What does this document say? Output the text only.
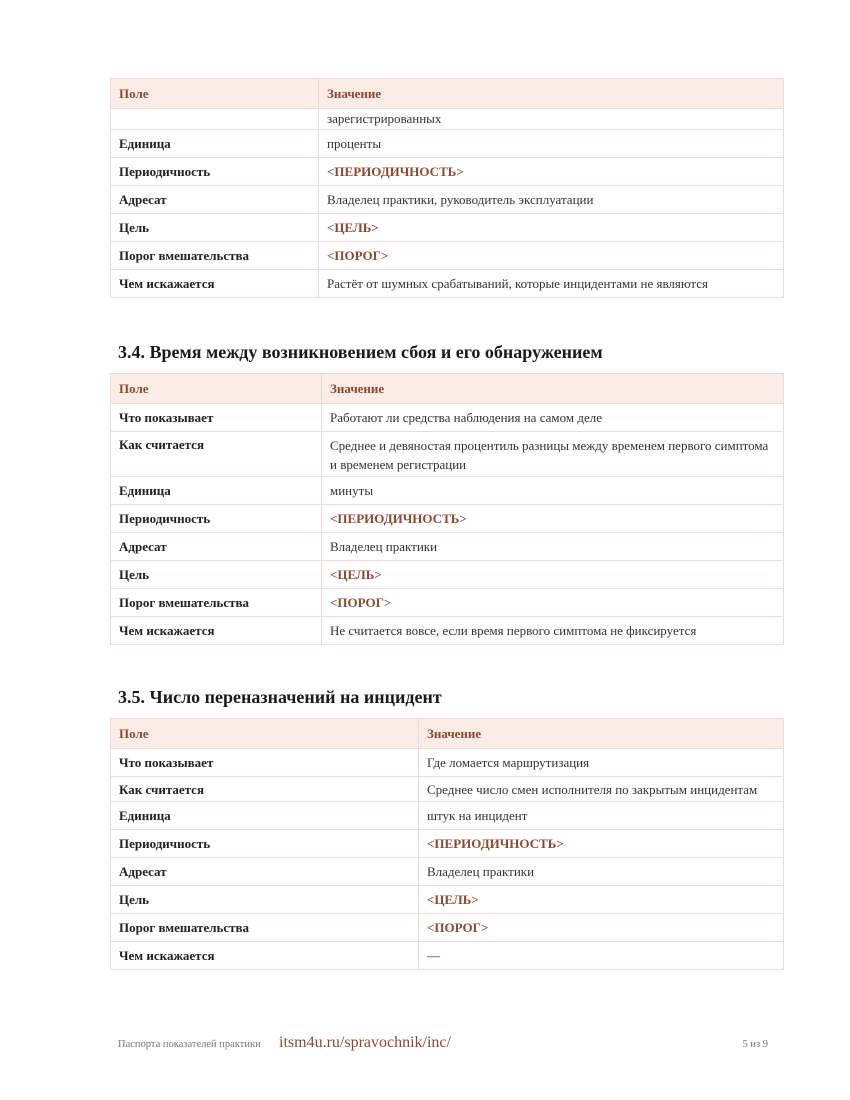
Поле	Значение
	зарегистрированных
Единица	проценты
Периодичность	<ПЕРИОДИЧНОСТЬ>
Адресат	Владелец практики, руководитель эксплуатации
Цель	<ЦЕЛЬ>
Порог вмешательства	<ПОРОГ>
Чем искажается	Растёт от шумных срабатываний, которые инцидентами не являются
3.4. Время между возникновением сбоя и его обнаружением
Поле	Значение
Что показывает	Работают ли средства наблюдения на самом деле
Как считается	Среднее и девяностая процентиль разницы между временем первого симптома и временем регистрации
Единица	минуты
Периодичность	<ПЕРИОДИЧНОСТЬ>
Адресат	Владелец практики
Цель	<ЦЕЛЬ>
Порог вмешательства	<ПОРОГ>
Чем искажается	Не считается вовсе, если время первого симптома не фиксируется
3.5. Число переназначений на инцидент
Поле	Значение
Что показывает	Где ломается маршрутизация
Как считается	Среднее число смен исполнителя по закрытым инцидентам
Единица	штук на инцидент
Периодичность	<ПЕРИОДИЧНОСТЬ>
Адресат	Владелец практики
Цель	<ЦЕЛЬ>
Порог вмешательства	<ПОРОГ>
Чем искажается	—
Паспорта показателей практики itsm4u.ru/spravochnik/inc/	5 из 9
